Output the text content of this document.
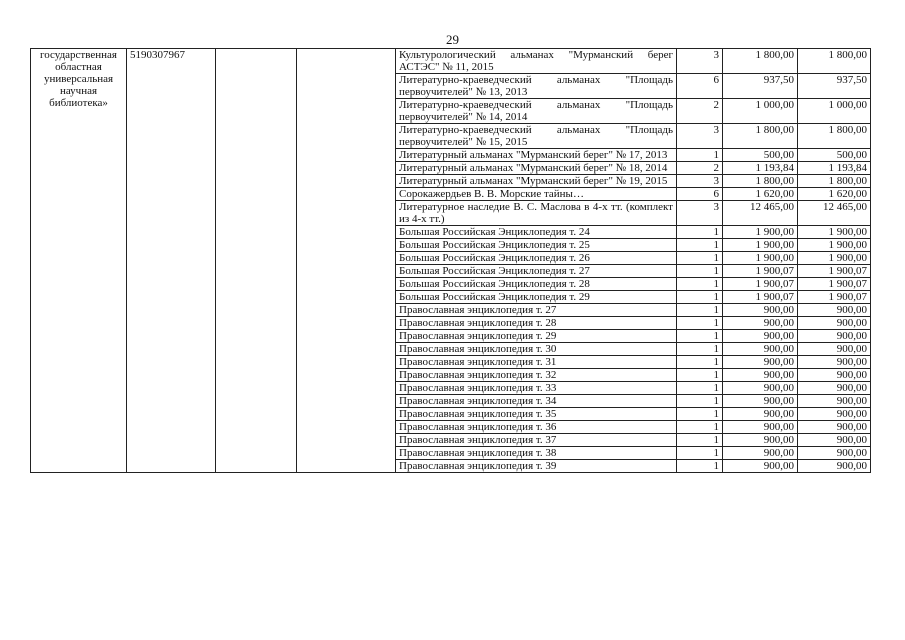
29
государственная областная универсальная научная библиотека»	5190307967			Культурологический альманах "Мурманский берег АСТЭС" № 11, 2015	3	1 800,00	1 800,00
				Литературно-краеведческий альманах "Площадь первоучителей" № 13, 2013	6	937,50	937,50
				Литературно-краеведческий альманах "Площадь первоучителей" № 14, 2014	2	1 000,00	1 000,00
				Литературно-краеведческий альманах "Площадь первоучителей" № 15, 2015	3	1 800,00	1 800,00
				Литературный альманах "Мурманский берег" № 17, 2013	1	500,00	500,00
				Литературный альманах "Мурманский берег" № 18, 2014	2	1 193,84	1 193,84
				Литературный альманах "Мурманский берег" № 19, 2015	3	1 800,00	1 800,00
				Сорокажердьев В. В. Морские тайны…	6	1 620,00	1 620,00
				Литературное наследие В. С. Маслова в 4-х тт. (комплект из 4-х тт.)	3	12 465,00	12 465,00
				Большая Российская Энциклопедия т. 24	1	1 900,00	1 900,00
				Большая Российская Энциклопедия т. 25	1	1 900,00	1 900,00
				Большая Российская Энциклопедия т. 26	1	1 900,00	1 900,00
				Большая Российская Энциклопедия т. 27	1	1 900,07	1 900,07
				Большая Российская Энциклопедия т. 28	1	1 900,07	1 900,07
				Большая Российская Энциклопедия т. 29	1	1 900,07	1 900,07
				Православная энциклопедия т. 27	1	900,00	900,00
				Православная энциклопедия т. 28	1	900,00	900,00
				Православная энциклопедия т. 29	1	900,00	900,00
				Православная энциклопедия т. 30	1	900,00	900,00
				Православная энциклопедия т. 31	1	900,00	900,00
				Православная энциклопедия т. 32	1	900,00	900,00
				Православная энциклопедия т. 33	1	900,00	900,00
				Православная энциклопедия т. 34	1	900,00	900,00
				Православная энциклопедия т. 35	1	900,00	900,00
				Православная энциклопедия т. 36	1	900,00	900,00
				Православная энциклопедия т. 37	1	900,00	900,00
				Православная энциклопедия т. 38	1	900,00	900,00
				Православная энциклопедия т. 39	1	900,00	900,00
